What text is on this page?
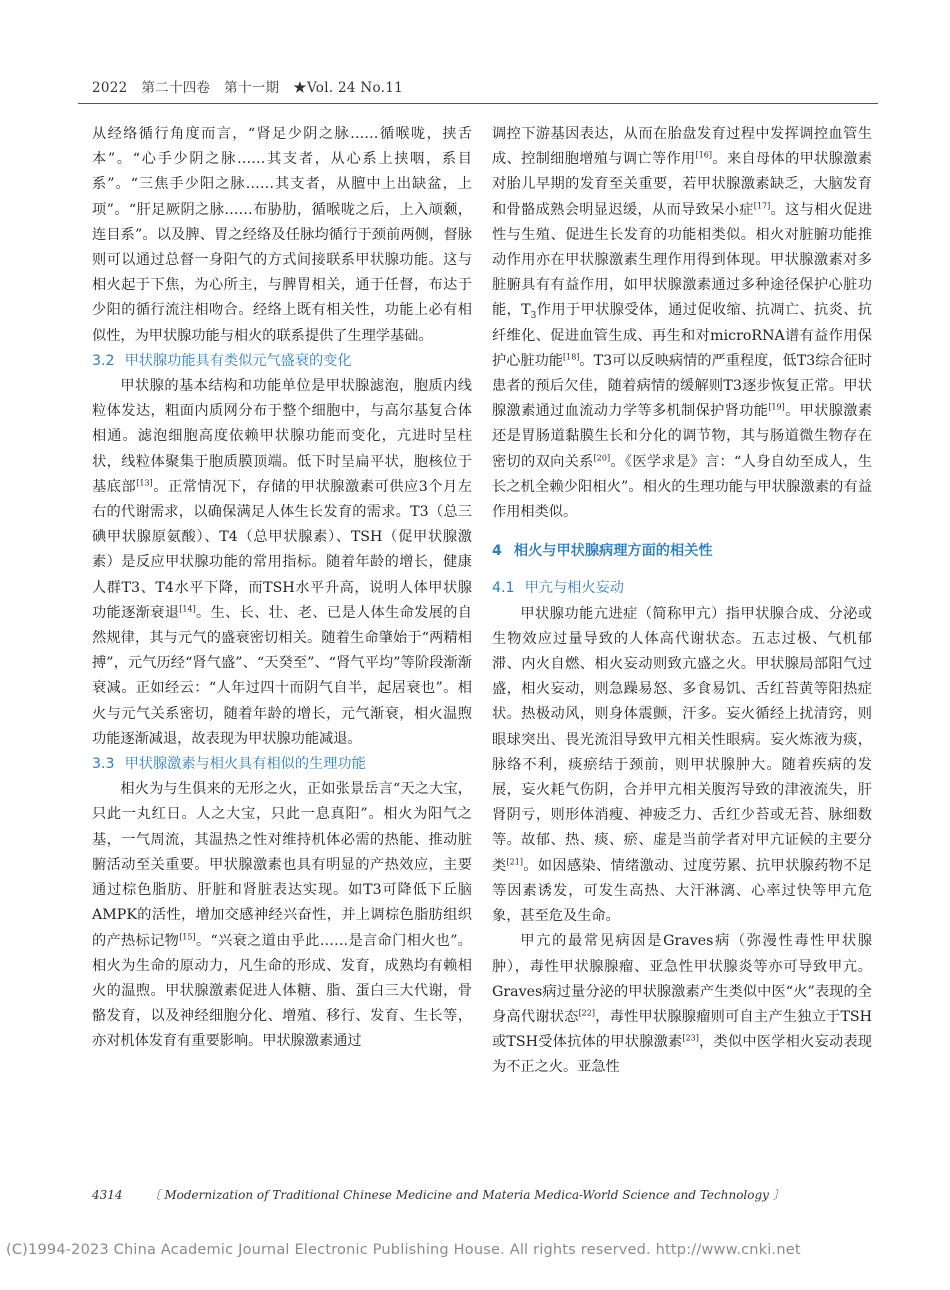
2022　第二十四卷　第十一期　★Vol. 24 No.11

从经络循行角度而言，“肾足少阴之脉……循喉咙，挟舌本”。“心手少阴之脉……其支者，从心系上挟咽，系目系”。“三焦手少阳之脉……其支者，从膻中上出缺盆，上项”。“肝足厥阴之脉……布胁肋，循喉咙之后，上入颃颡，连目系”。以及脾、胃之经络及任脉均循行于颈前两侧，督脉则可以通过总督一身阳气的方式间接联系甲状腺功能。这与相火起于下焦，为心所主，与脾胃相关，通于任督，布达于少阳的循行流注相吻合。经络上既有相关性，功能上必有相似性，为甲状腺功能与相火的联系提供了生理学基础。

3.2 甲状腺功能具有类似元气盛衰的变化

甲状腺的基本结构和功能单位是甲状腺滤泡，胞质内线粒体发达，粗面内质网分布于整个细胞中，与高尔基复合体相通。滤泡细胞高度依赖甲状腺功能而变化，亢进时呈柱状，线粒体聚集于胞质膜顶端。低下时呈扁平状，胞核位于基底部[13]。正常情况下，存储的甲状腺激素可供应3个月左右的代谢需求，以确保满足人体生长发育的需求。T3（总三碘甲状腺原氨酸）、T4（总甲状腺素）、TSH（促甲状腺激素）是反应甲状腺功能的常用指标。随着年龄的增长，健康人群T3、T4水平下降，而TSH水平升高，说明人体甲状腺功能逐渐衰退[14]。生、长、壮、老、已是人体生命发展的自然规律，其与元气的盛衰密切相关。随着生命肇始于“两精相搏”，元气历经“肾气盛”、“天癸至”、“肾气平均”等阶段渐渐衰减。正如经云：“人年过四十而阴气自半，起居衰也”。相火与元气关系密切，随着年龄的增长，元气渐衰，相火温煦功能逐渐减退，故表现为甲状腺功能减退。

3.3 甲状腺激素与相火具有相似的生理功能

相火为与生俱来的无形之火，正如张景岳言“天之大宝，只此一丸红日。人之大宝，只此一息真阳”。相火为阳气之基，一气周流，其温热之性对维持机体必需的热能、推动脏腑活动至关重要。甲状腺激素也具有明显的产热效应，主要通过棕色脂肪、肝脏和肾脏表达实现。如T3可降低下丘脑AMPK的活性，增加交感神经兴奋性，并上调棕色脂肪组织的产热标记物[15]。“兴衰之道由乎此……是言命门相火也”。相火为生命的原动力，凡生命的形成、发育，成熟均有赖相火的温煦。甲状腺激素促进人体糖、脂、蛋白三大代谢，骨骼发育，以及神经细胞分化、增殖、移行、发育、生长等，亦对机体发育有重要影响。甲状腺激素通过

调控下游基因表达，从而在胎盘发育过程中发挥调控血管生成、控制细胞增殖与调亡等作用[16]。来自母体的甲状腺激素对胎儿早期的发育至关重要，若甲状腺激素缺乏，大脑发育和骨骼成熟会明显迟缓，从而导致呆小症[17]。这与相火促进性与生殖、促进生长发育的功能相类似。相火对脏腑功能推动作用亦在甲状腺激素生理作用得到体现。甲状腺激素对多脏腑具有有益作用，如甲状腺激素通过多种途径保护心脏功能，$T_3$作用于甲状腺受体，通过促收缩、抗凋亡、抗炎、抗纤维化、促进血管生成、再生和对microRNA谱有益作用保护心脏功能[18]。T3可以反映病情的严重程度，低T3综合征时患者的预后欠佳，随着病情的缓解则T3逐步恢复正常。甲状腺激素通过血流动力学等多机制保护肾功能[19]。甲状腺激素还是胃肠道黏膜生长和分化的调节物，其与肠道微生物存在密切的双向关系[20]。《医学求是》言：“人身自幼至成人，生长之机全赖少阳相火”。相火的生理功能与甲状腺激素的有益作用相类似。

4 相火与甲状腺病理方面的相关性
4.1 甲亢与相火妄动

甲状腺功能亢进症（简称甲亢）指甲状腺合成、分泌或生物效应过量导致的人体高代谢状态。五志过极、气机郁滞、内火自燃、相火妄动则致亢盛之火。甲状腺局部阳气过盛，相火妄动，则急躁易怒、多食易饥、舌红苔黄等阳热症状。热极动风，则身体震颤，汗多。妄火循经上扰清窍，则眼球突出、畏光流泪导致甲亢相关性眼病。妄火炼液为痰，脉络不利，痰瘀结于颈前，则甲状腺肿大。随着疾病的发展，妄火耗气伤阴，合并甲亢相关腹泻导致的津液流失，肝肾阴亏，则形体消瘦、神疲乏力、舌红少苔或无苔、脉细数等。故郁、热、痰、瘀、虚是当前学者对甲亢证候的主要分类[21]。如因感染、情绪激动、过度劳累、抗甲状腺药物不足等因素诱发，可发生高热、大汗淋漓、心率过快等甲亢危象，甚至危及生命。

甲亢的最常见病因是Graves病（弥漫性毒性甲状腺肿），毒性甲状腺腺瘤、亚急性甲状腺炎等亦可导致甲亢。Graves病过量分泌的甲状腺激素产生类似中医“火”表现的全身高代谢状态[22]，毒性甲状腺腺瘤则可自主产生独立于TSH或TSH受体抗体的甲状腺激素[23]，类似中医学相火妄动表现为不正之火。亚急性

4314 〔 Modernization of Traditional Chinese Medicine and Materia Medica-World Science and Technology 〕
(C)1994-2023 China Academic Journal Electronic Publishing House. All rights reserved. http://www.cnki.net
